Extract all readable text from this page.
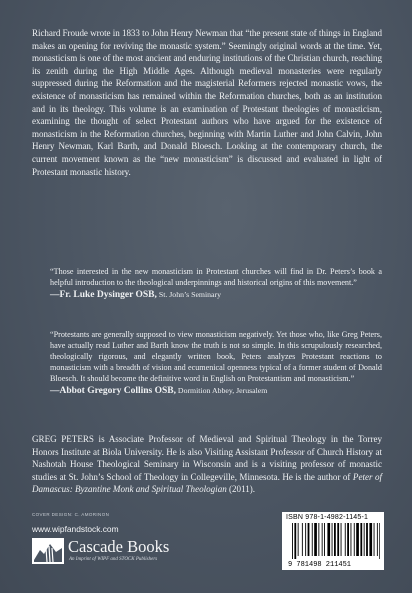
Richard Froude wrote in 1833 to John Henry Newman that “the present state of things in England makes an opening for reviving the monastic system.” Seemingly original words at the time. Yet, monasticism is one of the most ancient and enduring institutions of the Christian church, reaching its zenith during the High Middle Ages. Although medieval monasteries were regularly suppressed during the Reformation and the magisterial Reformers rejected monastic vows, the existence of monasticism has remained within the Reformation churches, both as an institution and in its theology. This volume is an examination of Protestant theologies of monasticism, examining the thought of select Protestant authors who have argued for the existence of monasticism in the Reformation churches, beginning with Martin Luther and John Calvin, John Henry Newman, Karl Barth, and Donald Bloesch. Looking at the contemporary church, the current movement known as the “new monasticism” is discussed and evaluated in light of Protestant monastic history.

“Those interested in the new monasticism in Protestant churches will find in Dr. Peters’s book a helpful introduction to the theological underpinnings and historical origins of this movement.”

—Fr. Luke Dysinger OSB, St. John’s Seminary

“Protestants are generally supposed to view monasticism negatively. Yet those who, like Greg Peters, have actually read Luther and Barth know the truth is not so simple. In this scrupulously researched, theologically rigorous, and elegantly written book, Peters analyzes Protestant reactions to monasticism with a breadth of vision and ecumenical openness typical of a former student of Donald Bloesch. It should become the definitive word in English on Protestantism and monasticism.”

—Abbot Gregory Collins OSB, Dormition Abbey, Jerusalem

GREG PETERS is Associate Professor of Medieval and Spiritual Theology in the Torrey Honors Institute at Biola University. He is also Visiting Assistant Professor of Church History at Nashotah House Theological Seminary in Wisconsin and is a visiting professor of monastic studies at St. John’s School of Theology in Collegeville, Minnesota. He is the author of Peter of Damascus: Byzantine Monk and Spiritual Theologian (2011).

COVER DESIGN: C. AMORINON
www.wipfandstock.com
Cascade Books
An Imprint of WIPF and STOCK Publishers
ISBN 978-1-4982-1145-1
9 781498 211451
